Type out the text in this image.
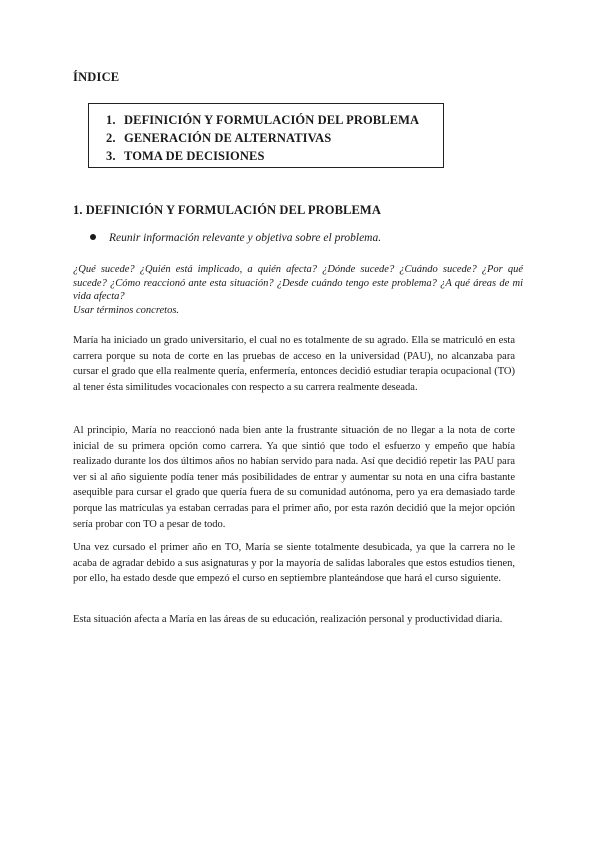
ÍNDICE
1. DEFINICIÓN Y FORMULACIÓN DEL PROBLEMA
2. GENERACIÓN DE ALTERNATIVAS
3. TOMA DE DECISIONES
1. DEFINICIÓN Y FORMULACIÓN DEL PROBLEMA
Reunir información relevante y objetiva sobre el problema.
¿Qué sucede? ¿Quién está implicado, a quién afecta? ¿Dónde sucede? ¿Cuándo sucede? ¿Por qué sucede? ¿Cómo reaccionó ante esta situación? ¿Desde cuándo tengo este problema? ¿A qué áreas de mi vida afecta?
Usar términos concretos.
María ha iniciado un grado universitario, el cual no es totalmente de su agrado. Ella se matriculó en esta carrera porque su nota de corte en las pruebas de acceso en la universidad (PAU), no alcanzaba para cursar el grado que ella realmente quería, enfermería, entonces decidió estudiar terapia ocupacional (TO) al tener ésta similitudes vocacionales con respecto a su carrera realmente deseada.
Al principio, María no reaccionó nada bien ante la frustrante situación de no llegar a la nota de corte inicial de su primera opción como carrera. Ya que sintió que todo el esfuerzo y empeño que había realizado durante los dos últimos años no habían servido para nada. Así que decidió repetir las PAU para ver si al año siguiente podía tener más posibilidades de entrar y aumentar su nota en una cifra bastante asequible para cursar el grado que quería fuera de su comunidad autónoma, pero ya era demasiado tarde porque las matrículas ya estaban cerradas para el primer año, por esta razón decidió que la mejor opción sería probar con TO a pesar de todo.
Una vez cursado el primer año en TO, María se siente totalmente desubicada, ya que la carrera no le acaba de agradar debido a sus asignaturas y por la mayoría de salidas laborales que estos estudios tienen, por ello, ha estado desde que empezó el curso en septiembre planteándose que hará el curso siguiente.
Esta situación afecta a María en las áreas de su educación, realización personal y productividad diaria.
